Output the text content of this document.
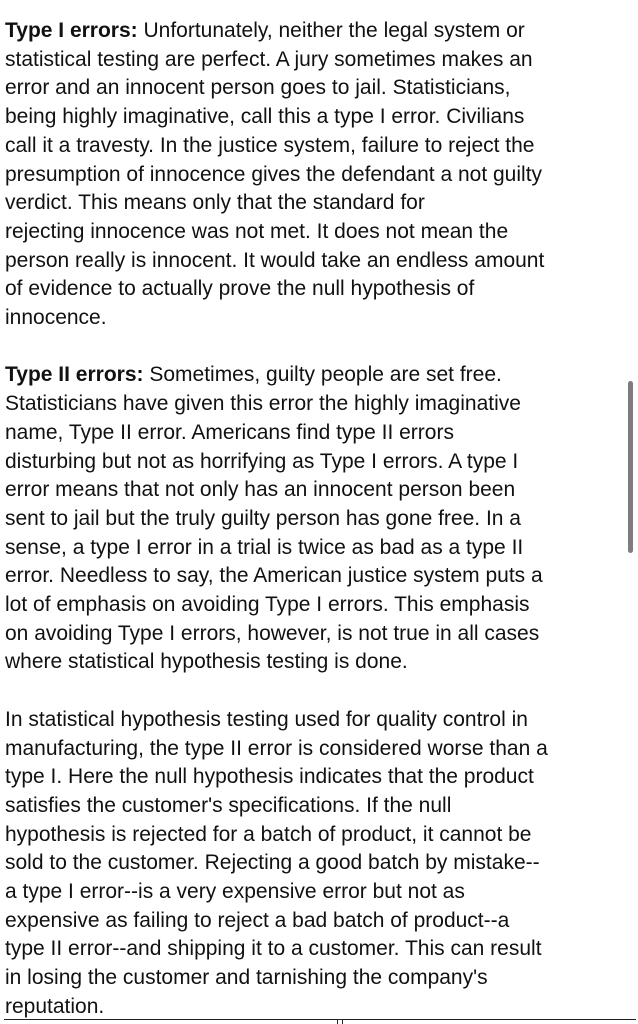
Type I errors: Unfortunately, neither the legal system or
statistical testing are perfect. A jury sometimes makes an
error and an innocent person goes to jail. Statisticians,
being highly imaginative, call this a type I error. Civilians
call it a travesty. In the justice system, failure to reject the
presumption of innocence gives the defendant a not guilty
verdict. This means only that the standard for
rejecting innocence was not met. It does not mean the
person really is innocent. It would take an endless amount
of evidence to actually prove the null hypothesis of
innocence.

Type II errors: Sometimes, guilty people are set free.
Statisticians have given this error the highly imaginative
name, Type II error. Americans find type II errors
disturbing but not as horrifying as Type I errors. A type I
error means that not only has an innocent person been
sent to jail but the truly guilty person has gone free. In a
sense, a type I error in a trial is twice as bad as a type II
error. Needless to say, the American justice system puts a
lot of emphasis on avoiding Type I errors. This emphasis
on avoiding Type I errors, however, is not true in all cases
where statistical hypothesis testing is done.

In statistical hypothesis testing used for quality control in
manufacturing, the type II error is considered worse than a
type I. Here the null hypothesis indicates that the product
satisfies the customer's specifications. If the null
hypothesis is rejected for a batch of product, it cannot be
sold to the customer. Rejecting a good batch by mistake--
a type I error--is a very expensive error but not as
expensive as failing to reject a bad batch of product--a
type II error--and shipping it to a customer. This can result
in losing the customer and tarnishing the company's
reputation.
